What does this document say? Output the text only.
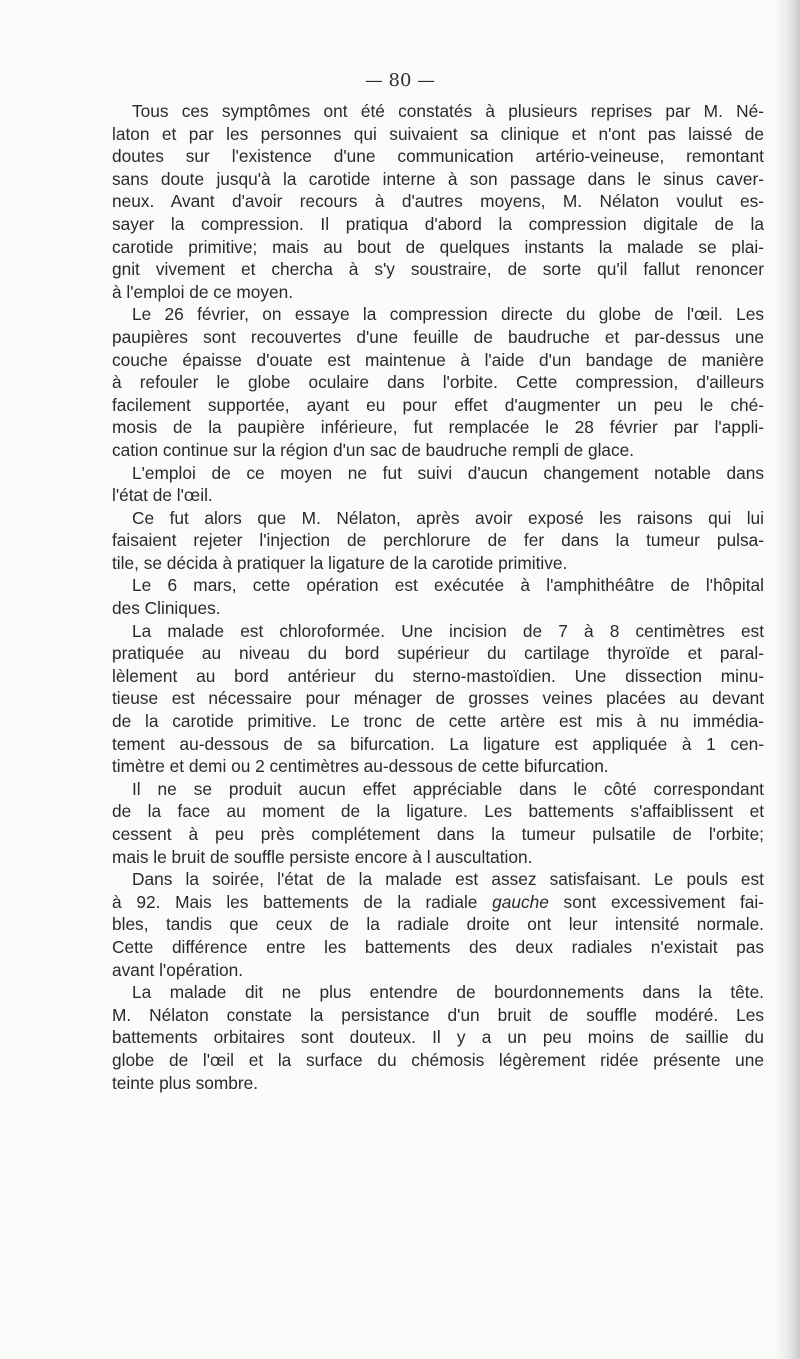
— 80 —
Tous ces symptômes ont été constatés à plusieurs reprises par M. Né-
laton et par les personnes qui suivaient sa clinique et n'ont pas laissé de
doutes sur l'existence d'une communication artério-veineuse, remontant
sans doute jusqu'à la carotide interne à son passage dans le sinus caver-
neux. Avant d'avoir recours à d'autres moyens, M. Nélaton voulut es-
sayer la compression. Il pratiqua d'abord la compression digitale de la
carotide primitive; mais au bout de quelques instants la malade se plai-
gnit vivement et chercha à s'y soustraire, de sorte qu'il fallut renoncer
à l'emploi de ce moyen.
Le 26 février, on essaye la compression directe du globe de l'œil. Les
paupières sont recouvertes d'une feuille de baudruche et par-dessus une
couche épaisse d'ouate est maintenue à l'aide d'un bandage de manière
à refouler le globe oculaire dans l'orbite. Cette compression, d'ailleurs
facilement supportée, ayant eu pour effet d'augmenter un peu le ché-
mosis de la paupière inférieure, fut remplacée le 28 février par l'appli-
cation continue sur la région d'un sac de baudruche rempli de glace.
L'emploi de ce moyen ne fut suivi d'aucun changement notable dans
l'état de l'œil.
Ce fut alors que M. Nélaton, après avoir exposé les raisons qui lui
faisaient rejeter l'injection de perchlorure de fer dans la tumeur pulsa-
tile, se décida à pratiquer la ligature de la carotide primitive.
Le 6 mars, cette opération est exécutée à l'amphithéâtre de l'hôpital
des Cliniques.
La malade est chloroformée. Une incision de 7 à 8 centimètres est
pratiquée au niveau du bord supérieur du cartilage thyroïde et paral-
lèlement au bord antérieur du sterno-mastoïdien. Une dissection minu-
tieuse est nécessaire pour ménager de grosses veines placées au devant
de la carotide primitive. Le tronc de cette artère est mis à nu immédia-
tement au-dessous de sa bifurcation. La ligature est appliquée à 1 cen-
timètre et demi ou 2 centimètres au-dessous de cette bifurcation.
Il ne se produit aucun effet appréciable dans le côté correspondant
de la face au moment de la ligature. Les battements s'affaiblissent et
cessent à peu près complétement dans la tumeur pulsatile de l'orbite;
mais le bruit de souffle persiste encore à l auscultation.
Dans la soirée, l'état de la malade est assez satisfaisant. Le pouls est
à 92. Mais les battements de la radiale gauche sont excessivement fai-
bles, tandis que ceux de la radiale droite ont leur intensité normale.
Cette différence entre les battements des deux radiales n'existait pas
avant l'opération.
La malade dit ne plus entendre de bourdonnements dans la tête.
M. Nélaton constate la persistance d'un bruit de souffle modéré. Les
battements orbitaires sont douteux. Il y a un peu moins de saillie du
globe de l'œil et la surface du chémosis légèrement ridée présente une
teinte plus sombre.
